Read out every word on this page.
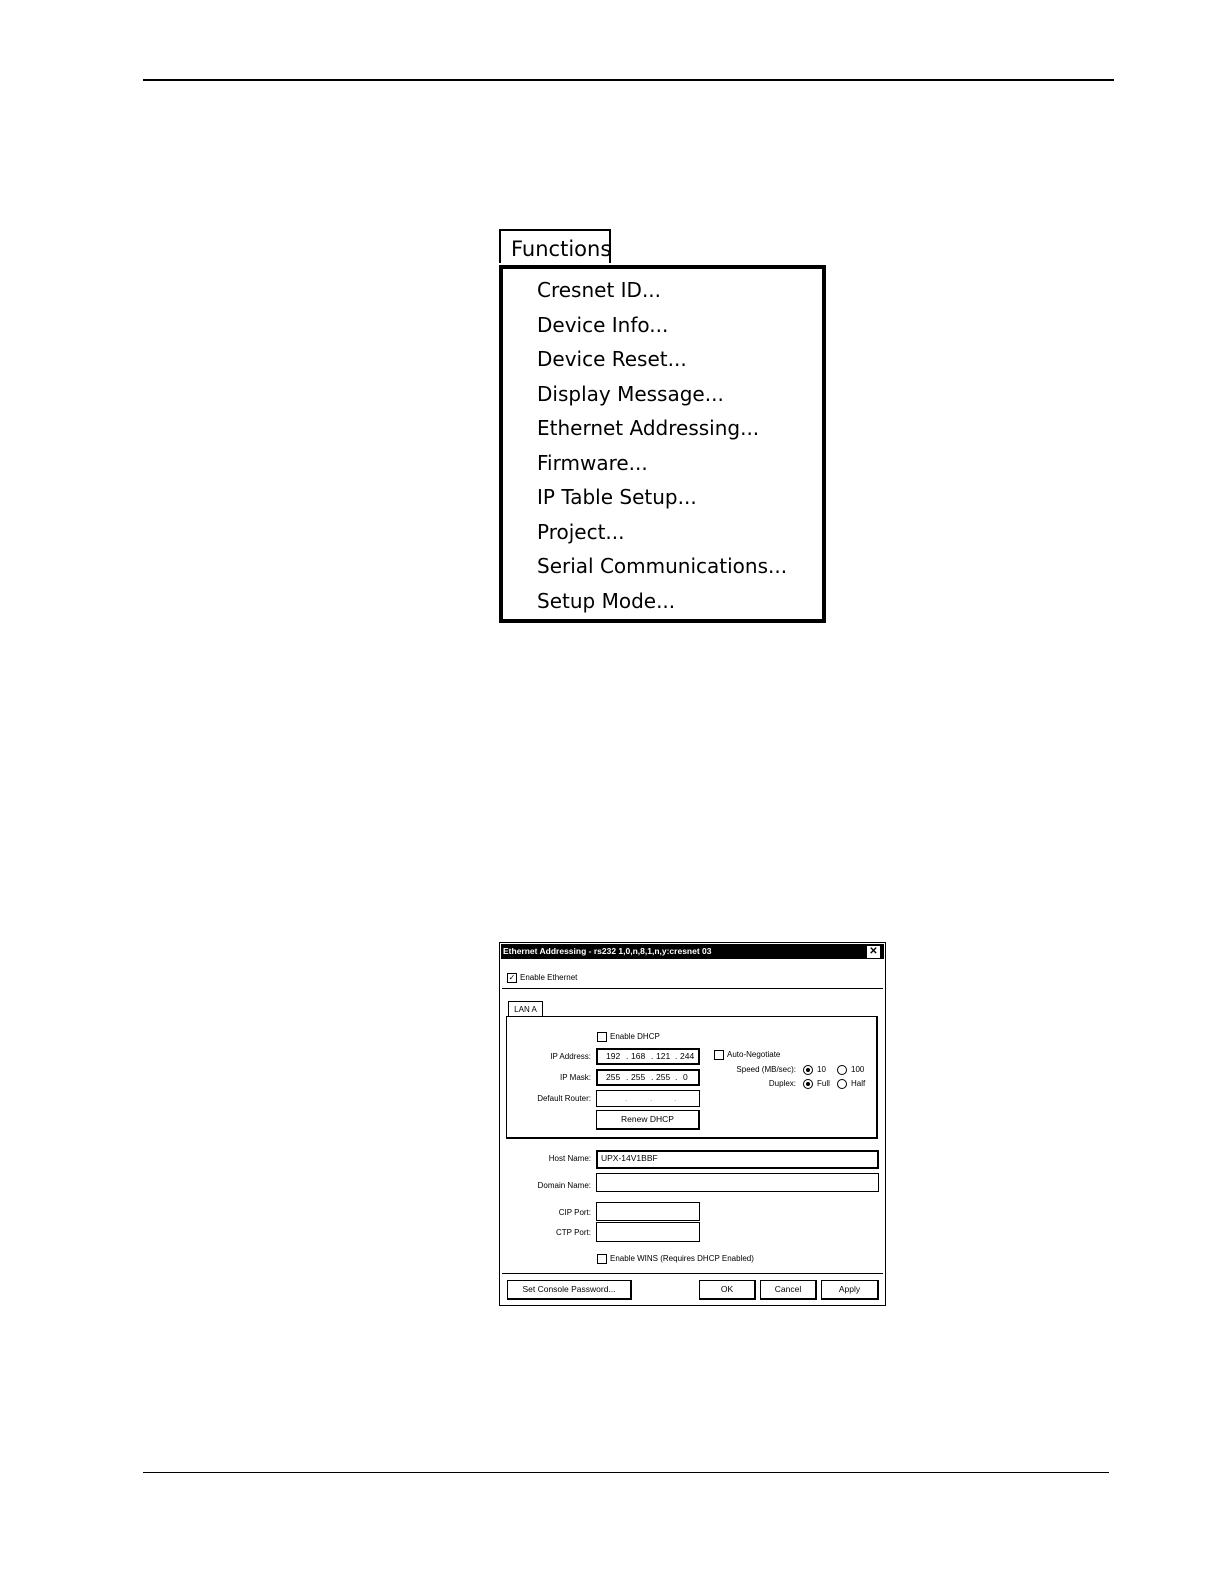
Functions
Cresnet ID...
Device Info...
Device Reset...
Display Message...
Ethernet Addressing...
Firmware...
IP Table Setup...
Project...
Serial Communications...
Setup Mode...
Ethernet Addressing - rs232 1,0,n,8,1,n,y:cresnet 03	✕
✓ Enable Ethernet
LAN A
Enable DHCP
IP Address: 192 . 168 . 121 . 244
IP Mask: 255 . 255 . 255 . 0
Default Router:	.	.	.
Renew DHCP
Auto-Negotiate
Speed (MB/sec):	10	100
Duplex:	Full	Half
Host Name:	UPX-14V1BBF
Domain Name:
CIP Port:
CTP Port:
Enable WINS (Requires DHCP Enabled)
Set Console Password...	OK	Cancel	Apply
